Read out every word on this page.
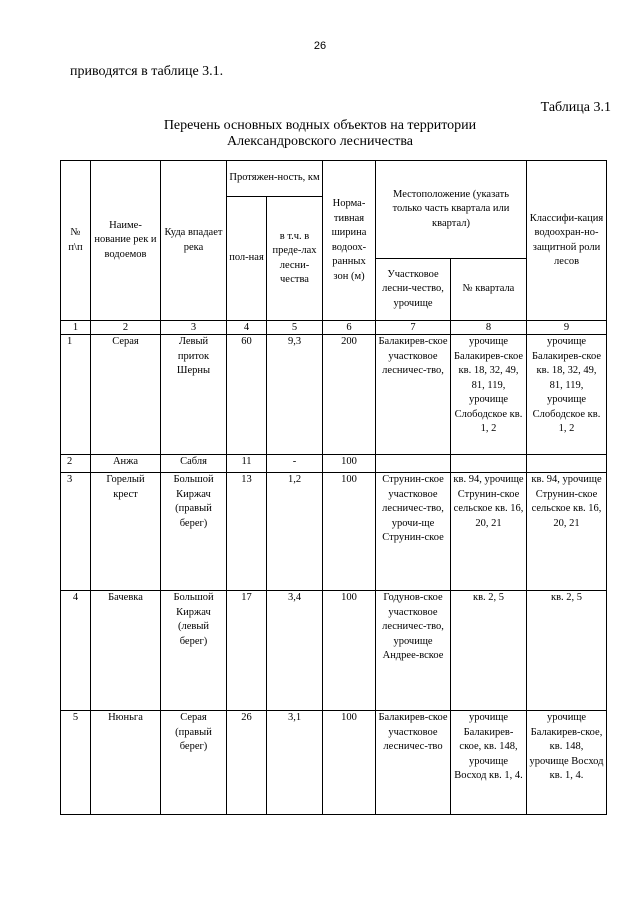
26
приводятся в таблице 3.1.
Таблица 3.1
Перечень основных водных объектов на территории
Александровского лесничества
№ п\п	Наиме-нование рек и водоемов	Куда впадает река	Протяжен-ность, км		Норма-тивная ширина водоох-ранных зон (м)	Местоположение (указать только часть квартала или квартал)		Классифи-кация водоохран-но-защитной роли лесов
			пол-ная	в т.ч. в преде-лах лесни-чества				
						Участковое лесни-чество, урочище	№ квартала	
1	2	3	4	5	6	7	8	9
1	Серая	Левый приток Шерны	60	9,3	200	Балакирев-ское участковое лесничес-тво,	урочище Балакирев-ское кв. 18, 32, 49, 81, 119, урочище Слободское кв. 1, 2	урочище Балакирев-ское кв. 18, 32, 49, 81, 119, урочище Слободское кв. 1, 2
2	Анжа	Сабля	11	-	100			
3	Горелый крест	Большой Киржач (правый берег)	13	1,2	100	Струнин-ское участковое лесничес-тво, урочи-ще Струнин-ское	кв. 94, урочище Струнин-ское сельское кв. 16, 20, 21	кв. 94, урочище Струнин-ское сельское кв. 16, 20, 21
4	Бачевка	Большой Киржач (левый берег)	17	3,4	100	Годунов-ское участковое лесничес-тво, урочище Андрее-вское	кв. 2, 5	кв. 2, 5
5	Нюньга	Серая (правый берег)	26	3,1	100	Балакирев-ское участковое лесничес-тво	урочище Балакирев-ское, кв. 148, урочище Восход кв. 1, 4.	урочище Балакирев-ское, кв. 148, урочище Восход кв. 1, 4.
